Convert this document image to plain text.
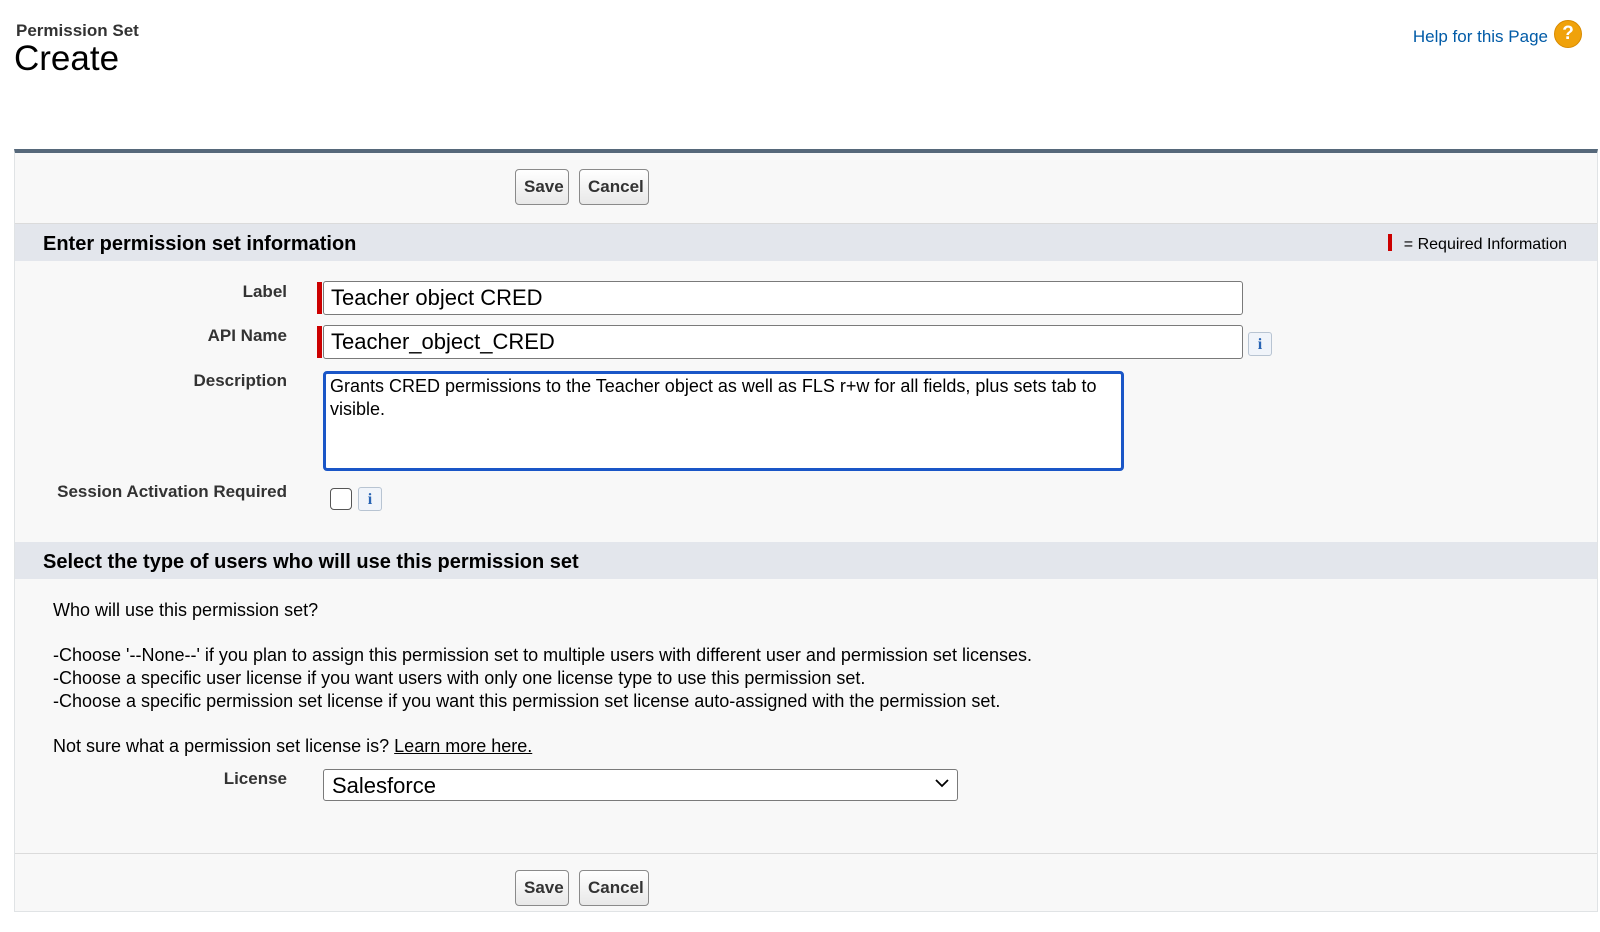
Permission Set
Create
Help for this Page ?
Save	Cancel
Enter permission set information	= Required Information
Label
Teacher object CRED
API Name
Teacher_object_CRED	i
Description
Grants CRED permissions to the Teacher object as well as FLS r+w for all fields, plus sets tab to visible.
Session Activation Required	i
Select the type of users who will use this permission set
Who will use this permission set?
-Choose '--None--' if you plan to assign this permission set to multiple users with different user and permission set licenses.
-Choose a specific user license if you want users with only one license type to use this permission set.
-Choose a specific permission set license if you want this permission set license auto-assigned with the permission set.
Not sure what a permission set license is? Learn more here.
License Salesforce
Save	Cancel
